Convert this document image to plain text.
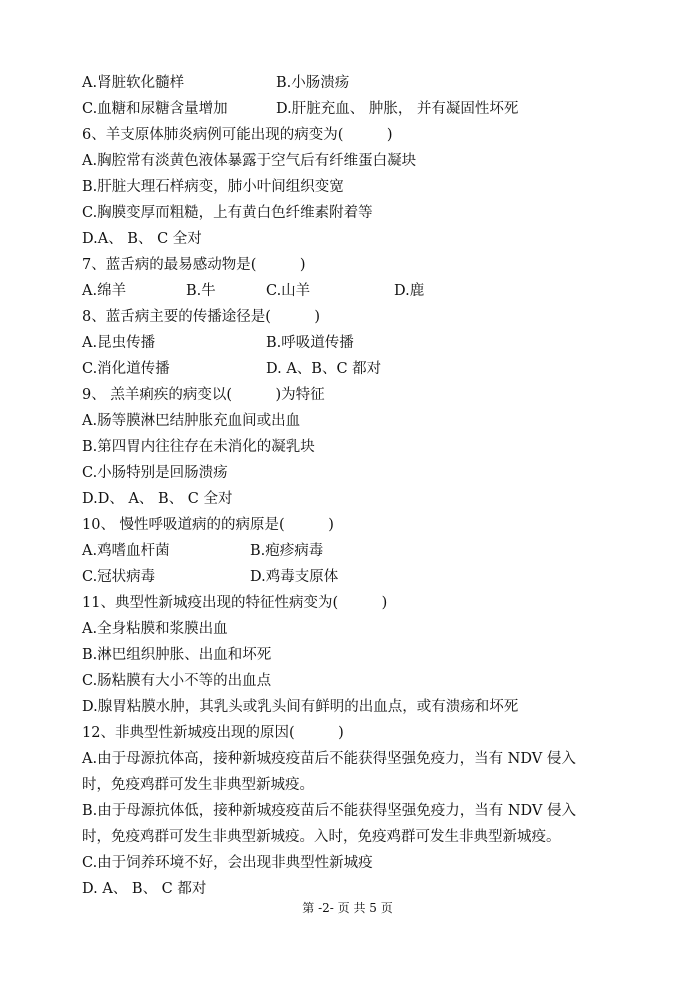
A.肾脏软化髓样	B.小肠溃疡
C.血糖和尿糖含量增加	D.肝脏充血、 肿胀， 并有凝固性坏死
6、羊支原体肺炎病例可能出现的病变为(　　　)
A.胸腔常有淡黄色液体暴露于空气后有纤维蛋白凝块
B.肝脏大理石样病变，肺小叶间组织变宽
C.胸膜变厚而粗糙，上有黄白色纤维素附着等
D.A、 B、 C 全对
7、蓝舌病的最易感动物是(　　　)
A.绵羊	B.牛	C.山羊	D.鹿
8、蓝舌病主要的传播途径是(　　　)
A.昆虫传播	B.呼吸道传播
C.消化道传播	D. A、B、C 都对
9、 羔羊痢疾的病变以(　　　)为特征
A.肠等膜淋巴结肿胀充血间或出血
B.第四胃内往往存在未消化的凝乳块
C.小肠特别是回肠溃疡
D.D、 A、 B、 C 全对
10、 慢性呼吸道病的的病原是(　　　)
A.鸡嗜血杆菌	B.疱疹病毒
C.冠状病毒	D.鸡毒支原体
11、典型性新城疫出现的特征性病变为(　　　)
A.全身粘膜和浆膜出血
B.淋巴组织肿胀、出血和坏死
C.肠粘膜有大小不等的出血点
D.腺胃粘膜水肿，其乳头或乳头间有鲜明的出血点，或有溃疡和坏死
12、非典型性新城疫出现的原因(　　　)
A.由于母源抗体高，接种新城疫疫苗后不能获得坚强免疫力，当有 NDV 侵入时，免疫鸡群可发生非典型新城疫。
B.由于母源抗体低，接种新城疫疫苗后不能获得坚强免疫力，当有 NDV 侵入时，免疫鸡群可发生非典型新城疫。入时，免疫鸡群可发生非典型新城疫。
C.由于饲养环境不好，会出现非典型性新城疫
D. A、 B、 C 都对
第 -2- 页 共 5 页
